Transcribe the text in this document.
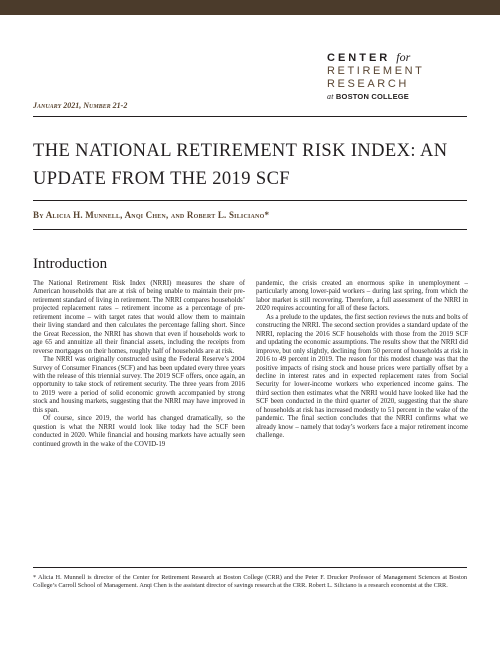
CENTER for
RETIREMENT
RESEARCH
at BOSTON COLLEGE
January 2021, Number 21-2
THE NATIONAL RETIREMENT RISK INDEX: AN UPDATE FROM THE 2019 SCF
By Alicia H. Munnell, Anqi Chen, and Robert L. Siliciano*
Introduction

The National Retirement Risk Index (NRRI) measures the share of American households that are at risk of being unable to maintain their pre-retirement standard of living in retirement. The NRRI compares households’ projected replacement rates – retirement income as a percentage of pre-retirement income – with target rates that would allow them to maintain their living standard and then calculates the percentage falling short. Since the Great Recession, the NRRI has shown that even if households work to age 65 and annuitize all their financial assets, including the receipts from reverse mortgages on their homes, roughly half of households are at risk.

The NRRI was originally constructed using the Federal Reserve’s 2004 Survey of Consumer Finances (SCF) and has been updated every three years with the release of this triennial survey. The 2019 SCF offers, once again, an opportunity to take stock of retirement security. The three years from 2016 to 2019 were a period of solid economic growth accompanied by strong stock and housing markets, suggesting that the NRRI may have improved in this span.

Of course, since 2019, the world has changed dramatically, so the question is what the NRRI would look like today had the SCF been conducted in 2020. While financial and housing markets have actually seen continued growth in the wake of the COVID-19

pandemic, the crisis created an enormous spike in unemployment – particularly among lower-paid workers – during last spring, from which the labor market is still recovering. Therefore, a full assessment of the NRRI in 2020 requires accounting for all of these factors.

As a prelude to the updates, the first section reviews the nuts and bolts of constructing the NRRI. The second section provides a standard update of the NRRI, replacing the 2016 SCF households with those from the 2019 SCF and updating the economic assumptions. The results show that the NRRI did improve, but only slightly, declining from 50 percent of households at risk in 2016 to 49 percent in 2019. The reason for this modest change was that the positive impacts of rising stock and house prices were partially offset by a decline in interest rates and in expected replacement rates from Social Security for lower-income workers who experienced income gains. The third section then estimates what the NRRI would have looked like had the SCF been conducted in the third quarter of 2020, suggesting that the share of households at risk has increased modestly to 51 percent in the wake of the pandemic. The final section concludes that the NRRI confirms what we already know – namely that today’s workers face a major retirement income challenge.

* Alicia H. Munnell is director of the Center for Retirement Research at Boston College (CRR) and the Peter F. Drucker Professor of Management Sciences at Boston College’s Carroll School of Management. Anqi Chen is the assistant director of savings research at the CRR. Robert L. Siliciano is a research economist at the CRR.
